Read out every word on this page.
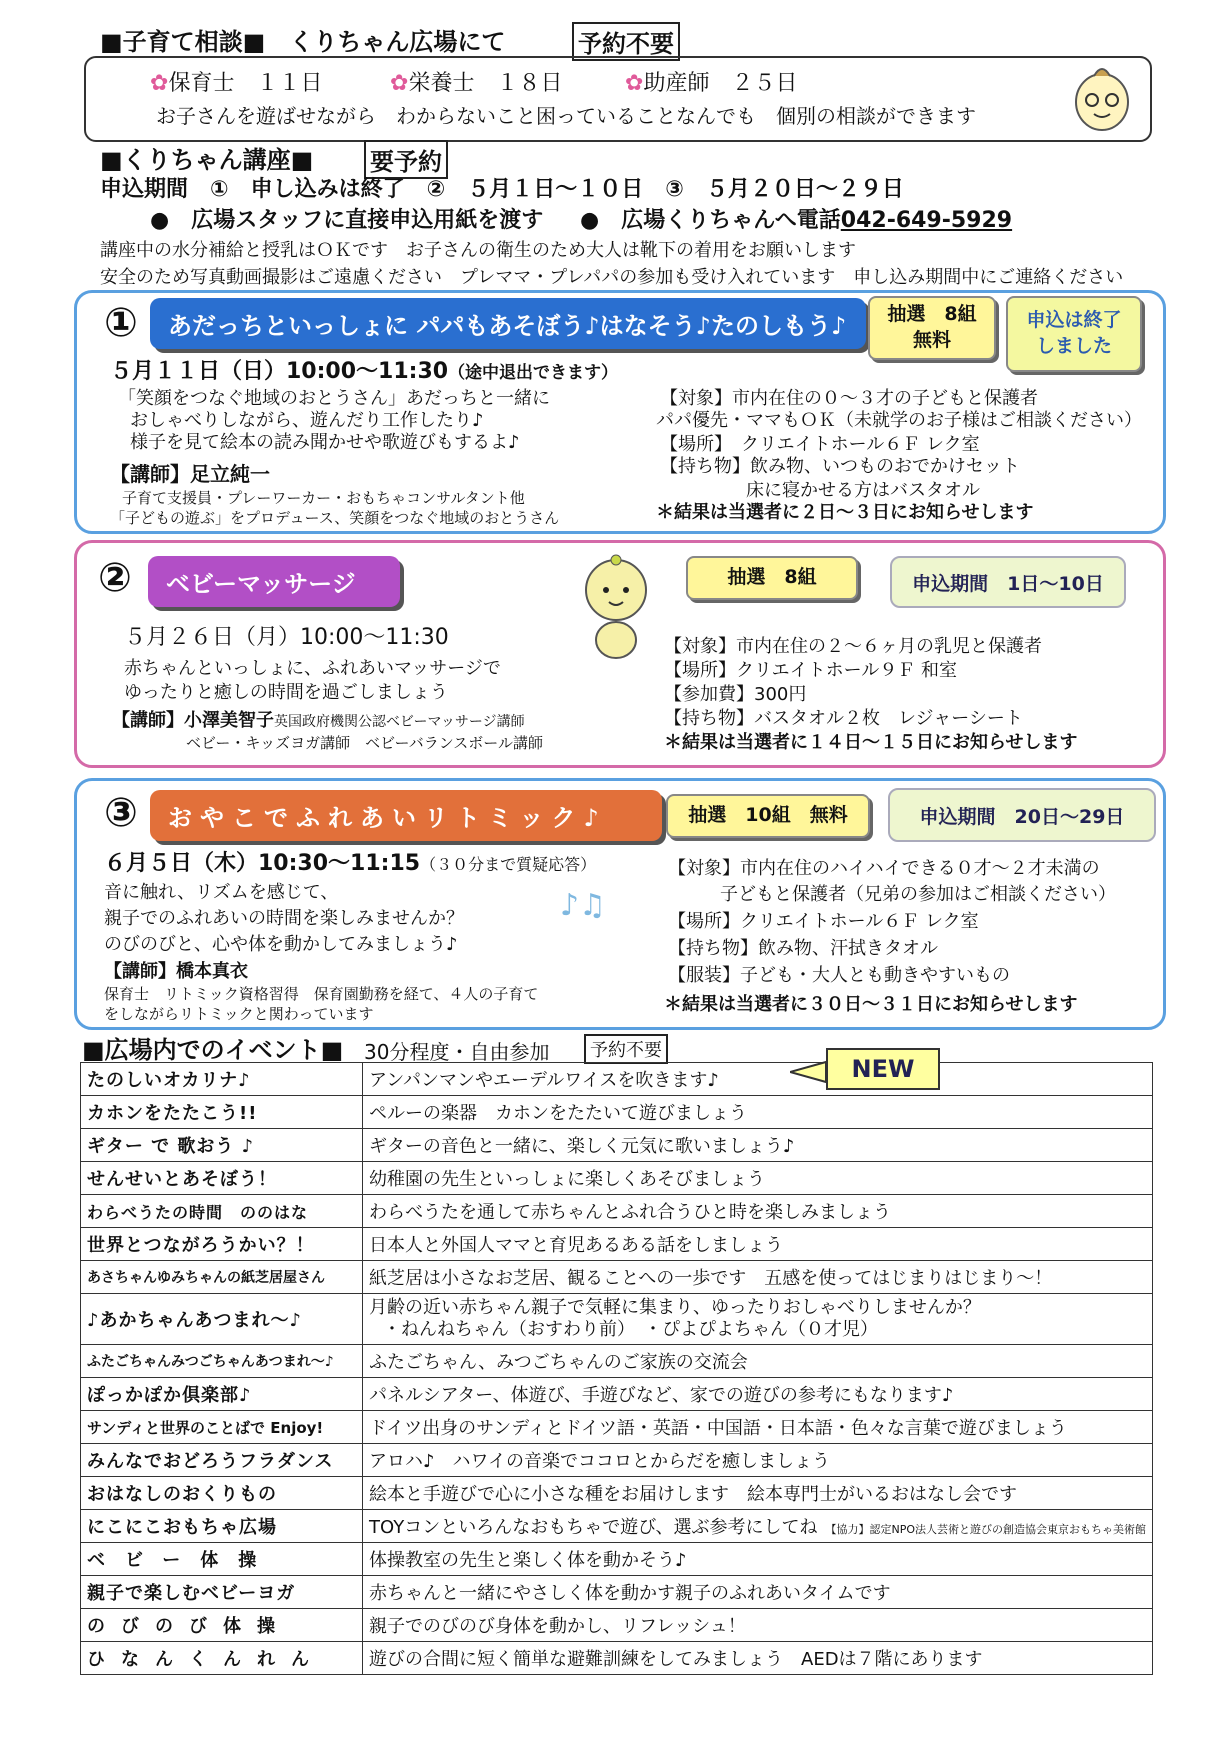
■子育て相談■　くりちゃん広場にて	予約不要
✿保育士　１１日	✿栄養士　１８日	✿助産師　２５日
お子さんを遊ばせながら　わからないこと困っていることなんでも　個別の相談ができます
■くりちゃん講座■ 要予約
申込期間　①　申し込みは終了　②　５月１日～１０日　③　５月２０日～２９日
●　広場スタッフに直接申込用紙を渡す ●　広場くりちゃんへ電話042-649-5929
講座中の水分補給と授乳はＯＫです　お子さんの衛生のため大人は靴下の着用をお願いします
安全のため写真動画撮影はご遠慮ください　プレママ・プレパパの参加も受け入れています　申し込み期間中にご連絡ください
①	あだっちといっしょに パパもあそぼう♪はなそう♪たのしもう♪	抽選　8組
無料
申込は終了
しました
５月１１日（日）10:00～11:30（途中退出できます）
「笑顔をつなぐ地域のおとうさん」あだっちと一緒に
おしゃべりしながら、遊んだり工作したり♪
様子を見て絵本の読み聞かせや歌遊びもするよ♪
【講師】足立純一
子育て支援員・プレーワーカー・おもちゃコンサルタント他
「子どもの遊ぶ」をプロデュース、笑顔をつなぐ地域のおとうさん
【対象】市内在住の０～３才の子どもと保護者
パパ優先・ママもＯＫ（未就学のお子様はご相談ください）
【場所】　クリエイトホール６Ｆ レク室
【持ち物】飲み物、いつものおでかけセット
床に寝かせる方はバスタオル
＊結果は当選者に２日～３日にお知らせします
②	ベビーマッサージ	抽選　8組	申込期間　1日～10日
５月２６日（月）10:00～11:30
赤ちゃんといっしょに、ふれあいマッサージで
ゆったりと癒しの時間を過ごしましょう
【講師】小澤美智子英国政府機関公認ベビーマッサージ講師
ベビー・キッズヨガ講師　ベビーバランスボール講師
【対象】市内在住の２～６ヶ月の乳児と保護者
【場所】クリエイトホール９Ｆ 和室
【参加費】300円
【持ち物】バスタオル２枚　レジャーシート
＊結果は当選者に１４日～１５日にお知らせします
③	おやこでふれあいリトミック♪	抽選　10組　無料	申込期間　20日～29日
６月５日（木）10:30～11:15（３０分まで質疑応答）
音に触れ、リズムを感じて、
親子でのふれあいの時間を楽しみませんか？
のびのびと、心や体を動かしてみましょう♪
【講師】橋本真衣
保育士　リトミック資格習得　保育園勤務を経て、４人の子育て
をしながらリトミックと関わっています
♪♫
【対象】市内在住のハイハイできる０才～２才未満の
子どもと保護者（兄弟の参加はご相談ください）
【場所】クリエイトホール６Ｆ レク室
【持ち物】飲み物、汗拭きタオル
【服装】子ども・大人とも動きやすいもの
＊結果は当選者に３０日～３１日にお知らせします
■広場内でのイベント■ 30分程度・自由参加	予約不要
たのしいオカリナ♪	アンパンマンやエーデルワイスを吹きます♪
カホンをたたこう!!	ペルーの楽器　カホンをたたいて遊びましょう
ギター で 歌おう ♪	ギターの音色と一緒に、楽しく元気に歌いましょう♪
せんせいとあそぼう！	幼稚園の先生といっしょに楽しくあそびましょう
わらべうたの時間　ののはな	わらべうたを通して赤ちゃんとふれ合うひと時を楽しみましょう
世界とつながろうかい？！	日本人と外国人ママと育児あるある話をしましょう
あさちゃんゆみちゃんの紙芝居屋さん	紙芝居は小さなお芝居、観ることへの一歩です　五感を使ってはじまりはじまり～！
♪あかちゃんあつまれ～♪	月齢の近い赤ちゃん親子で気軽に集まり、ゆったりおしゃべりしませんか？
・ねんねちゃん（おすわり前）　・ぴよぴよちゃん（０才児）

ふたごちゃんみつごちゃんあつまれ～♪	ふたごちゃん、みつごちゃんのご家族の交流会
ぽっかぽか倶楽部♪	パネルシアター、体遊び、手遊びなど、家での遊びの参考にもなります♪
サンディと世界のことばで Enjoy!	ドイツ出身のサンディとドイツ語・英語・中国語・日本語・色々な言葉で遊びましょう
みんなでおどろうフラダンス	アロハ♪　ハワイの音楽でココロとからだを癒しましょう
おはなしのおくりもの	絵本と手遊びで心に小さな種をお届けします　絵本専門士がいるおはなし会です
にこにこおもちゃ広場	TOYコンといろんなおもちゃで遊び、選ぶ参考にしてね 【協力】認定NPO法人芸術と遊びの創造協会東京おもちゃ美術館
ベビー体操	体操教室の先生と楽しく体を動かそう♪
親子で楽しむベビーヨガ	赤ちゃんと一緒にやさしく体を動かす親子のふれあいタイムです
のびのび体操	親子でのびのび身体を動かし、リフレッシュ！
ひなんくんれん	遊びの合間に短く簡単な避難訓練をしてみましょう　AEDは７階にあります
NEW
